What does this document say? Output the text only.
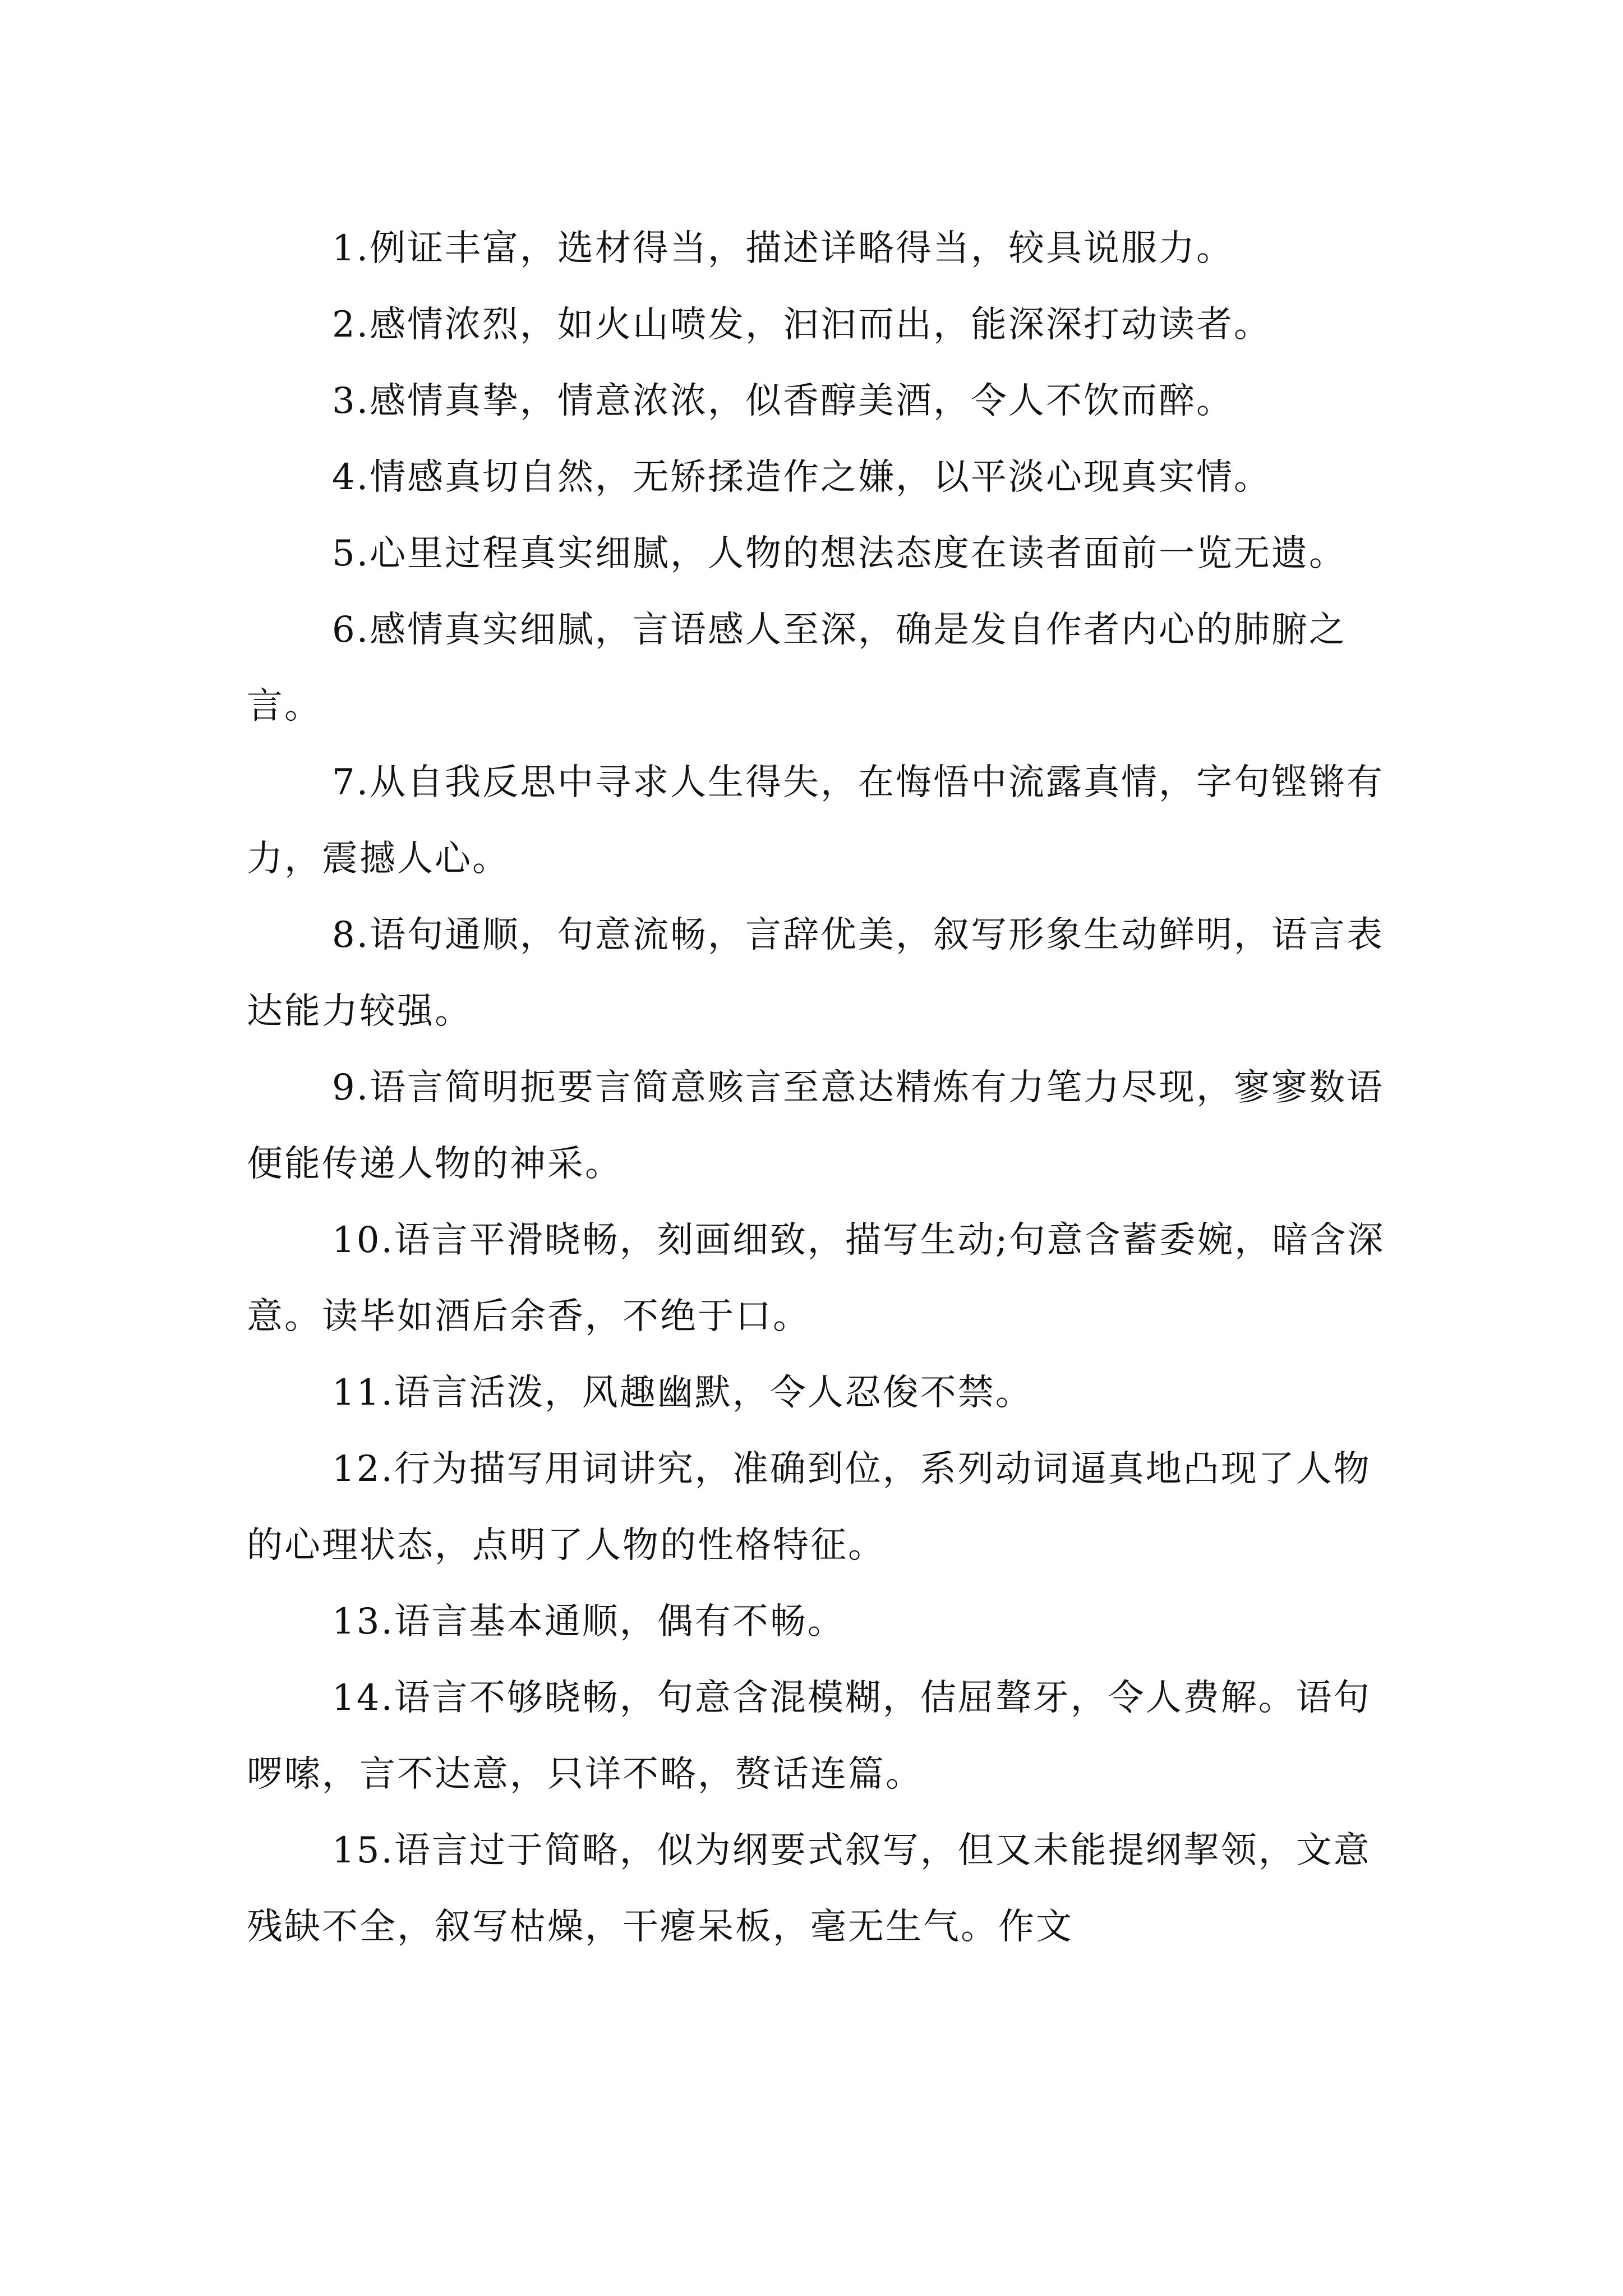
1.例证丰富，选材得当，描述详略得当，较具说服力。

2.感情浓烈，如火山喷发，汩汩而出，能深深打动读者。

3.感情真挚，情意浓浓，似香醇美酒，令人不饮而醉。

4.情感真切自然，无矫揉造作之嫌，以平淡心现真实情。

5.心里过程真实细腻，人物的想法态度在读者面前一览无遗。

6.感情真实细腻，言语感人至深，确是发自作者内心的肺腑之言。

7.从自我反思中寻求人生得失，在悔悟中流露真情，字句铿锵有力，震撼人心。

8.语句通顺，句意流畅，言辞优美，叙写形象生动鲜明，语言表达能力较强。

9.语言简明扼要言简意赅言至意达精炼有力笔力尽现，寥寥数语便能传递人物的神采。

10.语言平滑晓畅，刻画细致，描写生动;句意含蓄委婉，暗含深意。读毕如酒后余香，不绝于口。

11.语言活泼，风趣幽默，令人忍俊不禁。

12.行为描写用词讲究，准确到位，系列动词逼真地凸现了人物的心理状态，点明了人物的性格特征。

13.语言基本通顺，偶有不畅。

14.语言不够晓畅，句意含混模糊，佶屈聱牙，令人费解。语句啰嗦，言不达意，只详不略，赘话连篇。

15.语言过于简略，似为纲要式叙写，但又未能提纲挈领，文意残缺不全，叙写枯燥，干瘪呆板，毫无生气。作文
